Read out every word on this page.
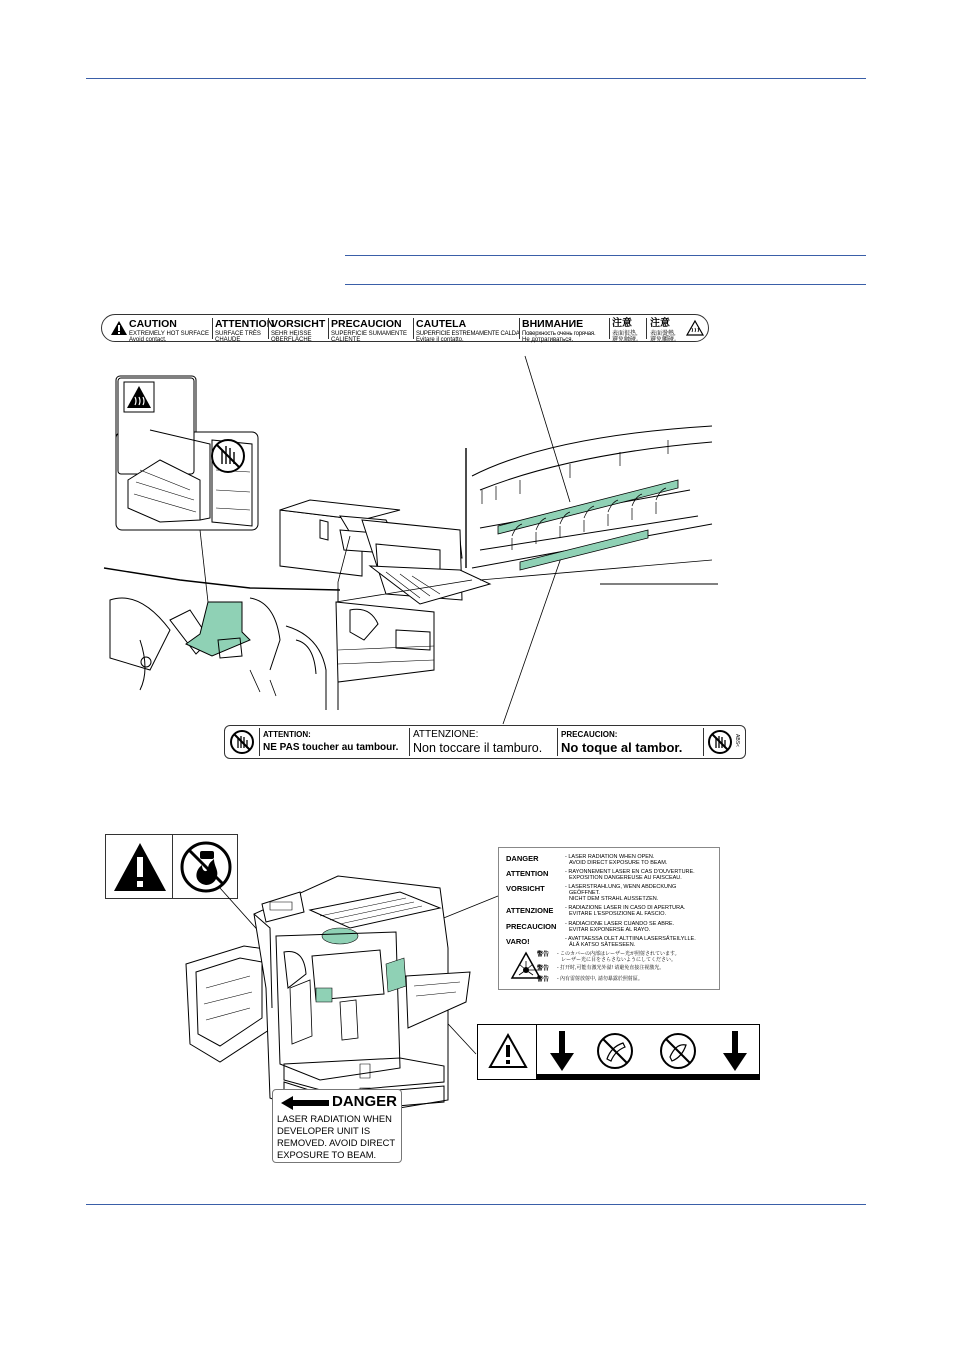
CAUTION
EXTREMELY HOT SURFACE
Avoid contact.
ATTENTION
SURFACE TRÈS
CHAUDE
VORSICHT
SEHR HEISSE
OBERFLÄCHE
PRECAUCION
SUPERFICIE SUMAMENTE
CALIENTE
CAUTELA
SUPERFICIE ESTREMAMENTE CALDA
Evitare il contatto.
ВНИМАНИЕ
Поверхность очень горячая.
Не дотрагиваться.
注意
表面很热,
避免触碰。
注意
表面燙熱,
避免觸碰。
ATTENTION:
NE PAS toucher au tambour.
ATTENZIONE:
Non toccare il tamburo.
PRECAUCION:
No toque al tambor.	ABS<
DANGER	- LASER RADIATION WHEN OPEN.
AVOID DIRECT EXPOSURE TO BEAM.
ATTENTION	- RAYONNEMENT LASER EN CAS D'OUVERTURE.
EXPOSITION DANGEREUSE AU FAISCEAU.
VORSICHT	- LASERSTRAHLUNG, WENN ABDECKUNG
GEÖFFNET.
NICHT DEM STRAHL AUSSETZEN.
ATTENZIONE - RADIAZIONE LASER IN CASO DI APERTURA.
EVITARE L'ESPOSIZIONE AL FASCIO.
PRECAUCION - RADIACIONE LASER CUANDO SE ABRE.
EVITAR EXPONERSE AL RAYO.
VARO!	- AVATTAESSA OLET ALTTIINA LASERSÄTEILYLLE.
ÄLÄ KATSO SÄTEESEEN.
警告 - このカバーの内部はレーザー光が照射されています。
レーザー光に目をさらさないようにしてください。
警告 - 打开时,可能有激光外溢! 请避免直接注视激光。
警告 - 內有雷射放射中, 請勿暴露於照射區。
DANGER
LASER RADIATION WHEN
DEVELOPER UNIT IS
REMOVED. AVOID DIRECT
EXPOSURE TO BEAM.
